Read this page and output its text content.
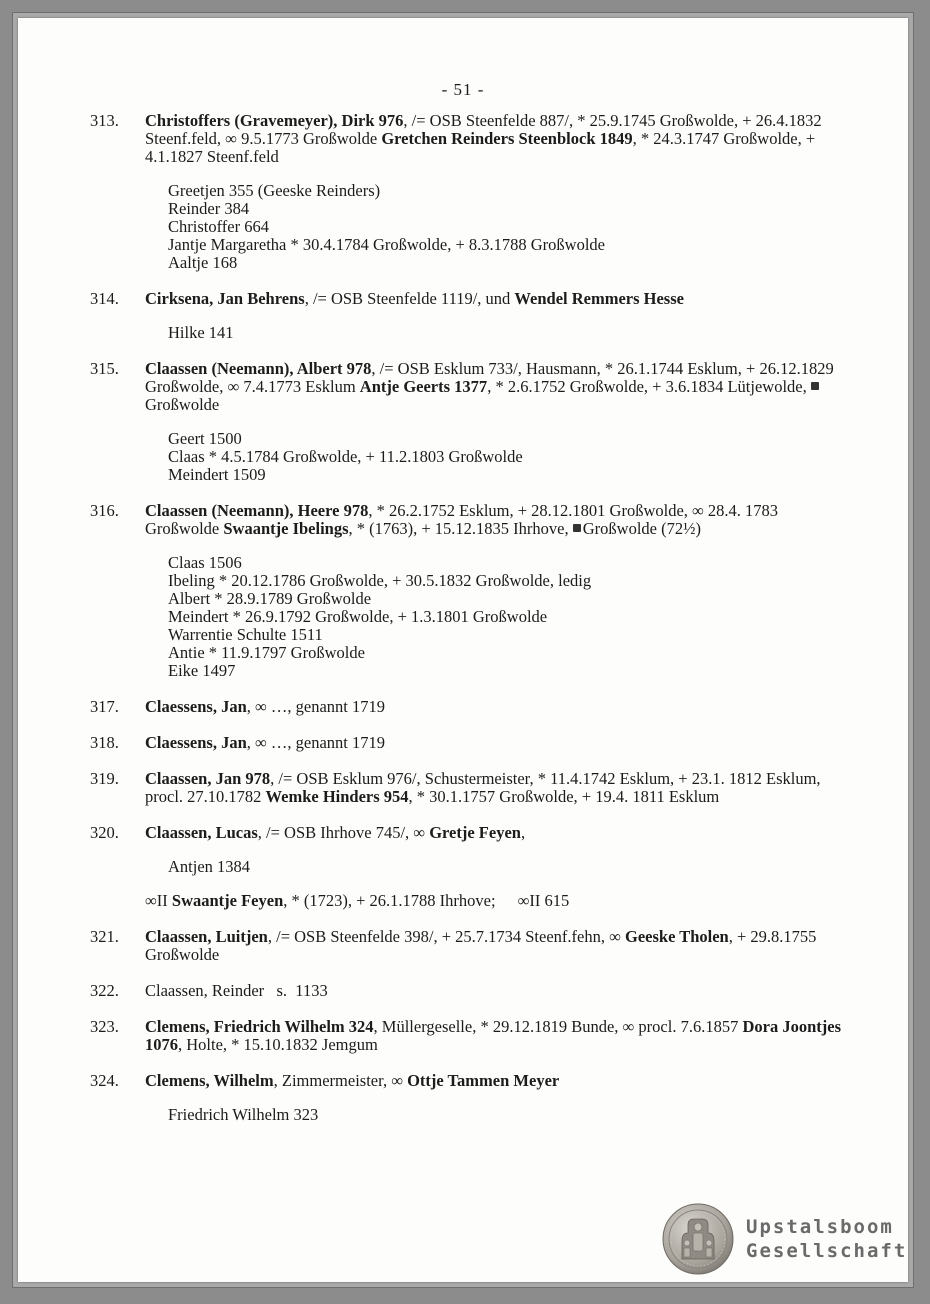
- 51 -
313. Christoffers (Gravemeyer), Dirk 976, /= OSB Steenfelde 887/, * 25.9.1745 Großwolde, + 26.4.1832 Steenf.feld, ∞ 9.5.1773 Großwolde Gretchen Reinders Steenblock 1849, * 24.3.1747 Großwolde, + 4.1.1827 Steenf.feld
Greetjen 355 (Geeske Reinders)
Reinder 384
Christoffer 664
Jantje Margaretha * 30.4.1784 Großwolde, + 8.3.1788 Großwolde
Aaltje 168
314. Cirksena, Jan Behrens, /= OSB Steenfelde 1119/, und Wendel Remmers Hesse
Hilke 141
315. Claassen (Neemann), Albert 978, /= OSB Esklum 733/, Hausmann, * 26.1.1744 Esklum, + 26.12.1829 Großwolde, ∞ 7.4.1773 Esklum Antje Geerts 1377, * 2.6.1752 Großwolde, + 3.6.1834 Lütjewolde, Großwolde
Geert 1500
Claas * 4.5.1784 Großwolde, + 11.2.1803 Großwolde
Meindert 1509
316. Claassen (Neemann), Heere 978, * 26.2.1752 Esklum, + 28.12.1801 Großwolde, ∞ 28.4. 1783 Großwolde Swaantje Ibelings, * (1763), + 15.12.1835 Ihrhove, Großwolde (72½)
Claas 1506
Ibeling * 20.12.1786 Großwolde, + 30.5.1832 Großwolde, ledig
Albert * 28.9.1789 Großwolde
Meindert * 26.9.1792 Großwolde, + 1.3.1801 Großwolde
Warrentie Schulte 1511
Antie * 11.9.1797 Großwolde
Eike 1497
317. Claessens, Jan, ∞ …, genannt 1719
318. Claessens, Jan, ∞ …, genannt 1719
319. Claassen, Jan 978, /= OSB Esklum 976/, Schustermeister, * 11.4.1742 Esklum, + 23.1. 1812 Esklum, procl. 27.10.1782 Wemke Hinders 954, * 30.1.1757 Großwolde, + 19.4. 1811 Esklum
320. Claassen, Lucas, /= OSB Ihrhove 745/, ∞ Gretje Feyen,
Antjen 1384
∞II Swaantje Feyen, * (1723), + 26.1.1788 Ihrhove; ∞II 615
321. Claassen, Luitjen, /= OSB Steenfelde 398/, + 25.7.1734 Steenf.fehn, ∞ Geeske Tholen, + 29.8.1755 Großwolde
322. Claassen, Reinder   s.  1133
323. Clemens, Friedrich Wilhelm 324, Müllergeselle, * 29.12.1819 Bunde, ∞ procl. 7.6.1857 Dora Joontjes 1076, Holte, * 15.10.1832 Jemgum
324. Clemens, Wilhelm, Zimmermeister, ∞ Ottje Tammen Meyer
Friedrich Wilhelm 323
Upstalsboom
Gesellschaft
